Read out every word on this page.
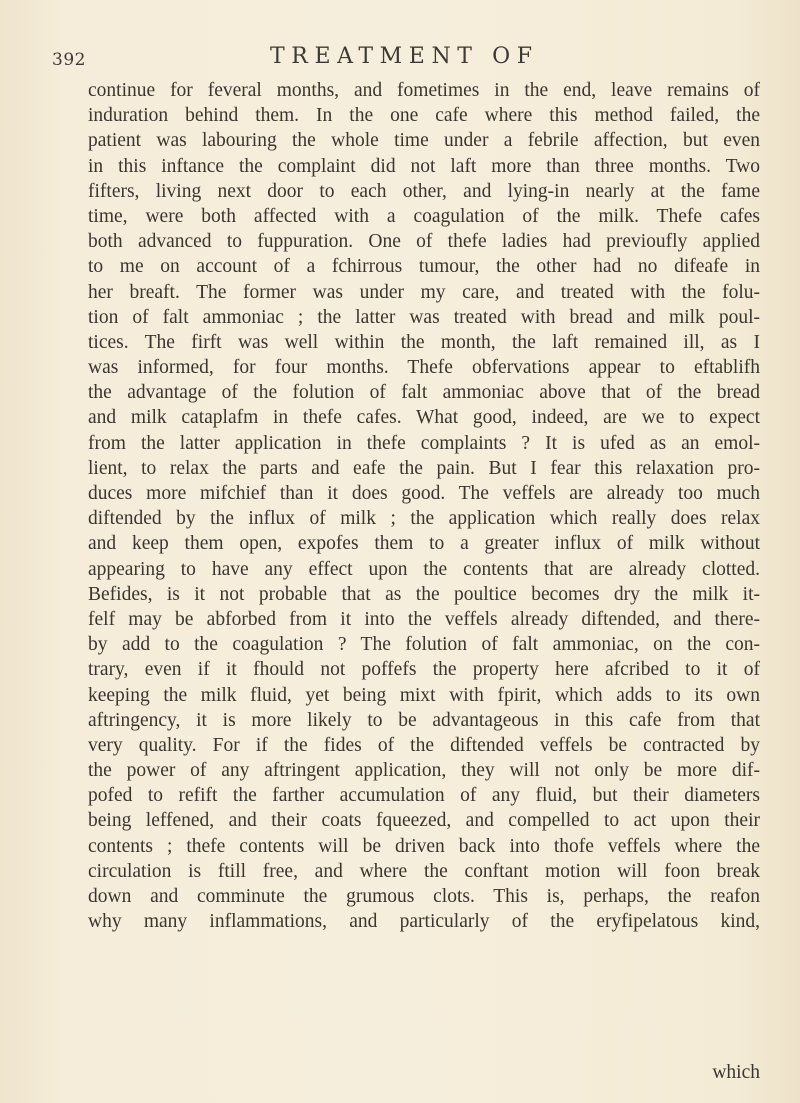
392	TREATMENT OF
continue for feveral months, and fometimes in the end, leave remains of
induration behind them. In the one cafe where this method failed, the
patient was labouring the whole time under a febrile affection, but even
in this inftance the complaint did not laft more than three months. Two
fifters, living next door to each other, and lying-in nearly at the fame
time, were both affected with a coagulation of the milk. Thefe cafes
both advanced to fuppuration. One of thefe ladies had previoufly applied
to me on account of a fchirrous tumour, the other had no difeafe in
her breaft. The former was under my care, and treated with the folu-
tion of falt ammoniac ; the latter was treated with bread and milk poul-
tices. The firft was well within the month, the laft remained ill, as I
was informed, for four months. Thefe obfervations appear to eftablifh
the advantage of the folution of falt ammoniac above that of the bread
and milk cataplafm in thefe cafes. What good, indeed, are we to expect
from the latter application in thefe complaints ? It is ufed as an emol-
lient, to relax the parts and eafe the pain. But I fear this relaxation pro-
duces more mifchief than it does good. The veffels are already too much
diftended by the influx of milk ; the application which really does relax
and keep them open, expofes them to a greater influx of milk without
appearing to have any effect upon the contents that are already clotted.
Befides, is it not probable that as the poultice becomes dry the milk it-
felf may be abforbed from it into the veffels already diftended, and there-
by add to the coagulation ? The folution of falt ammoniac, on the con-
trary, even if it fhould not poffefs the property here afcribed to it of
keeping the milk fluid, yet being mixt with fpirit, which adds to its own
aftringency, it is more likely to be advantageous in this cafe from that
very quality. For if the fides of the diftended veffels be contracted by
the power of any aftringent application, they will not only be more dif-
pofed to refift the farther accumulation of any fluid, but their diameters
being leffened, and their coats fqueezed, and compelled to act upon their
contents ; thefe contents will be driven back into thofe veffels where the
circulation is ftill free, and where the conftant motion will foon break
down and comminute the grumous clots. This is, perhaps, the reafon
why many inflammations, and particularly of the eryfipelatous kind,
which
